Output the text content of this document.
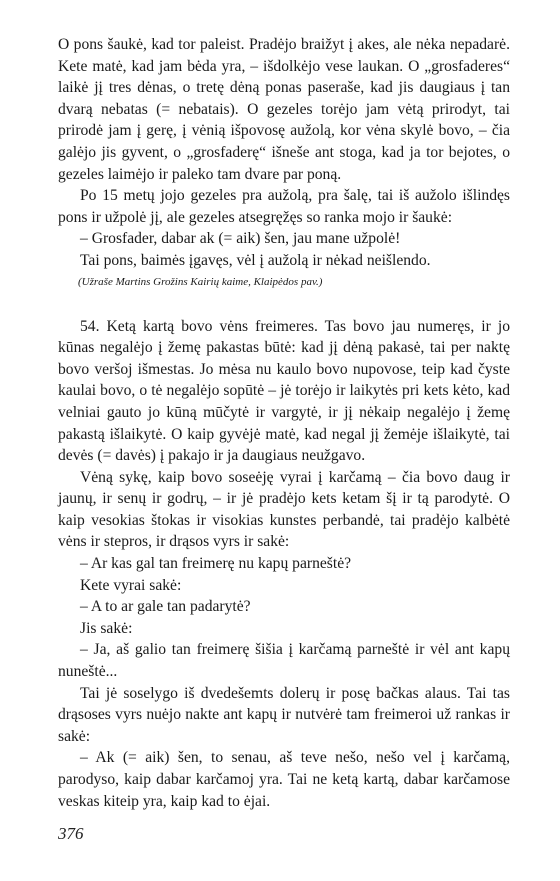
O pons šaukė, kad tor paleist. Pradėjo braižyt į akes, ale nėka nepadarė. Kete matė, kad jam bėda yra, – išdolkėjo vese laukan. O „grosfaderes“ laikė jį tres dėnas, o tretę dėną ponas paseraše, kad jis daugiaus į tan dvarą nebatas (= nebatais). O gezeles torėjo jam vėtą prirodyt, tai prirodė jam į gerę, į vėnią išpovosę aužolą, kor vėna skylė bovo, – čia galėjo jis gyvent, o „grosfaderę“ išneše ant stoga, kad ja tor bejotes, o gezeles laimėjo ir paleko tam dvare par poną.

Po 15 metų jojo gezeles pra aužolą, pra šalę, tai iš aužolo išlindęs pons ir užpolė jį, ale gezeles atsegręžęs so ranka mojo ir šaukė:

– Grosfader, dabar ak (= aik) šen, jau mane užpolė!

Tai pons, baimės įgavęs, vėl į aužolą ir nėkad neišlendo.

(Užraše Martins Grožins Kairių kaime, Klaipėdos pav.)

54. Ketą kartą bovo vėns freimeres. Tas bovo jau numeręs, ir jo kūnas negalėjo į žemę pakastas būtė: kad jį dėną pakasė, tai per naktę bovo veršoj išmestas. Jo mėsa nu kaulo bovo nupovose, teip kad čyste kaulai bovo, o tė negalėjo sopūtė – jė torėjo ir laikytės pri kets kėto, kad velniai gauto jo kūną mūčytė ir vargytė, ir jį nėkaip negalėjo į žemę pakastą išlaikytė. O kaip gyvėjė matė, kad negal jį žemėje išlaikytė, tai devės (= davės) į pakajo ir ja daugiaus neužgavo.

Vėną sykę, kaip bovo soseėję vyrai į karčamą – čia bovo daug ir jaunų, ir senų ir godrų, – ir jė pradėjo kets ketam šį ir tą parodytė. O kaip vesokias štokas ir visokias kunstes perbandė, tai pradėjo kalbėtė vėns ir stepros, ir drąsos vyrs ir sakė:

– Ar kas gal tan freimerę nu kapų parneštė?

Kete vyrai sakė:

– A to ar gale tan padarytė?

Jis sakė:

– Ja, aš galio tan freimerę šišia į karčamą parneštė ir vėl ant kapų nuneštė...

Tai jė soselygo iš dvedešemts dolerų ir posę bačkas alaus. Tai tas drąsoses vyrs nuėjo nakte ant kapų ir nutvėrė tam freimeroi už rankas ir sakė:

– Ak (= aik) šen, to senau, aš teve nešo, nešo vel į karčamą, parodyso, kaip dabar karčamoj yra. Tai ne ketą kartą, dabar karčamose veskas kiteip yra, kaip kad to ėjai.

376
